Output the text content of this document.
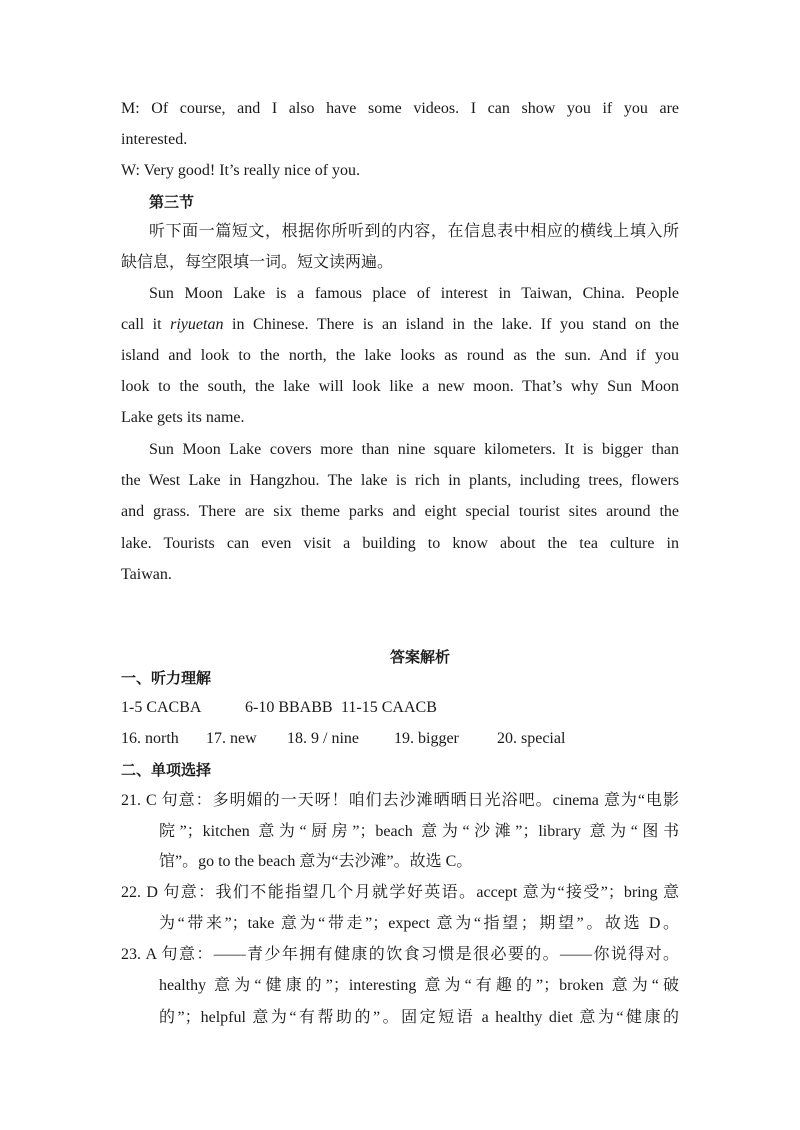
M: Of course, and I also have some videos. I can show you if you are
interested.
W: Very good! It’s really nice of you.
第三节
听下面一篇短文，根据你所听到的内容，在信息表中相应的横线上填入所
缺信息，每空限填一词。短文读两遍。
Sun Moon Lake is a famous place of interest in Taiwan, China. People
call it riyuetan in Chinese. There is an island in the lake. If you stand on the
island and look to the north, the lake looks as round as the sun. And if you
look to the south, the lake will look like a new moon. That’s why Sun Moon
Lake gets its name.
Sun Moon Lake covers more than nine square kilometers. It is bigger than
the West Lake in Hangzhou. The lake is rich in plants, including trees, flowers
and grass. There are six theme parks and eight special tourist sites around the
lake. Tourists can even visit a building to know about the tea culture in
Taiwan.
答案解析
一、听力理解
1-5 CACBA	6-10 BBABB 11-15 CAACB
16. north 17. new 18. 9 / nine 19. bigger 20. special
二、单项选择
21. C 句意：多明媚的一天呀！咱们去沙滩晒晒日光浴吧。cinema 意为“电影
院”；kitchen 意为“厨房”；beach 意为“沙滩”；library 意为“图书
馆”。go to the beach 意为“去沙滩”。故选 C。
22. D 句意：我们不能指望几个月就学好英语。accept 意为“接受”；bring 意
为“带来”；take 意为“带走”；expect 意为“指望；期望”。故选 D。
23. A 句意：——青少年拥有健康的饮食习惯是很必要的。——你说得对。
healthy 意为“健康的”；interesting 意为“有趣的”；broken 意为“破
的”；helpful 意为“有帮助的”。固定短语 a healthy diet 意为“健康的
